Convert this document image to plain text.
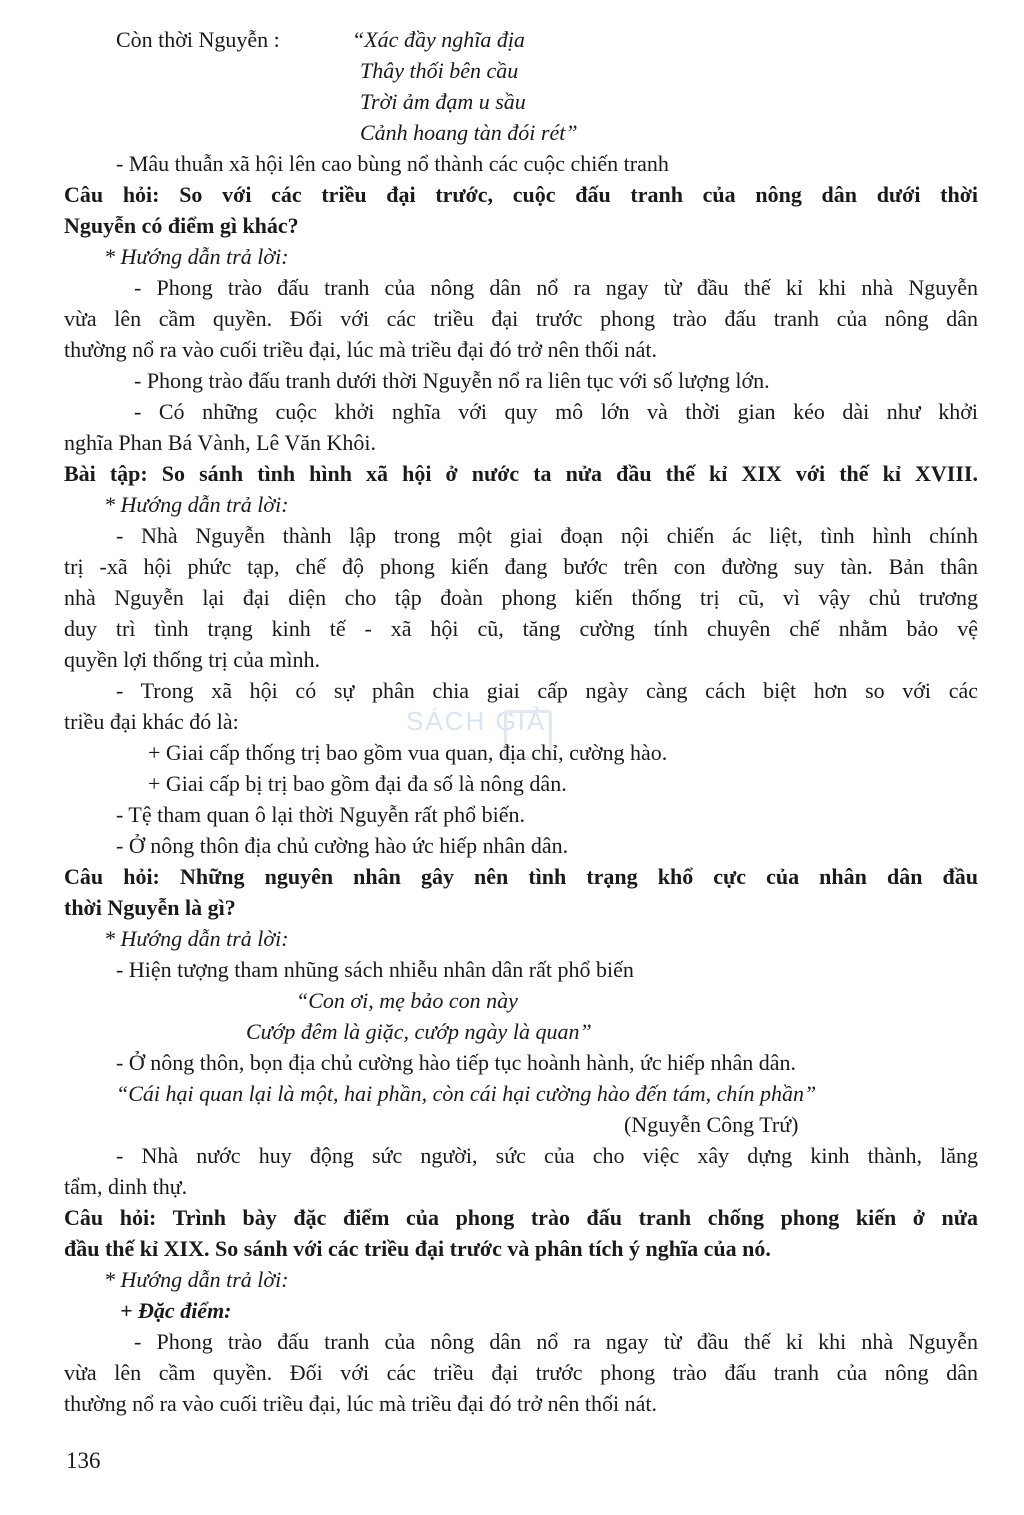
SÁCH GIẢI
Còn thời Nguyễn :	“Xác đầy nghĩa địa
Thây thối bên cầu
Trời ảm đạm u sầu
Cảnh hoang tàn đói rét”
- Mâu thuẫn xã hội lên cao bùng nổ thành các cuộc chiến tranh
Câu hỏi: So với các triều đại trước, cuộc đấu tranh của nông dân dưới thời
Nguyễn có điểm gì khác?
* Hướng dẫn trả lời:
- Phong trào đấu tranh của nông dân nổ ra ngay từ đầu thế kỉ khi nhà Nguyễn
vừa lên cầm quyền. Đối với các triều đại trước phong trào đấu tranh của nông dân
thường nổ ra vào cuối triều đại, lúc mà triều đại đó trở nên thối nát.
- Phong trào đấu tranh dưới thời Nguyễn nổ ra liên tục với số lượng lớn.
- Có những cuộc khởi nghĩa với quy mô lớn và thời gian kéo dài như khởi
nghĩa Phan Bá Vành, Lê Văn Khôi.
Bài tập: So sánh tình hình xã hội ở nước ta nửa đầu thế kỉ XIX với thế kỉ XVIII.
* Hướng dẫn trả lời:
- Nhà Nguyễn thành lập trong một giai đoạn nội chiến ác liệt, tình hình chính
trị -xã hội phức tạp, chế độ phong kiến đang bước trên con đường suy tàn. Bản thân
nhà Nguyễn lại đại diện cho tập đoàn phong kiến thống trị cũ, vì vậy chủ trương
duy trì tình trạng kinh tế - xã hội cũ, tăng cường tính chuyên chế nhằm bảo vệ
quyền lợi thống trị của mình.
- Trong xã hội có sự phân chia giai cấp ngày càng cách biệt hơn so với các
triều đại khác đó là:
+ Giai cấp thống trị bao gồm vua quan, địa chỉ, cường hào.
+ Giai cấp bị trị bao gồm đại đa số là nông dân.
- Tệ tham quan ô lại thời Nguyễn rất phổ biến.
- Ở nông thôn địa chủ cường hào ức hiếp nhân dân.
Câu hỏi: Những nguyên nhân gây nên tình trạng khổ cực của nhân dân đầu
thời Nguyễn là gì?
* Hướng dẫn trả lời:
- Hiện tượng tham nhũng sách nhiễu nhân dân rất phổ biến
“Con ơi, mẹ bảo con này
Cướp đêm là giặc, cướp ngày là quan”
- Ở nông thôn, bọn địa chủ cường hào tiếp tục hoành hành, ức hiếp nhân dân.
“Cái hại quan lại là một, hai phần, còn cái hại cường hào đến tám, chín phần”
(Nguyễn Công Trứ)
- Nhà nước huy động sức người, sức của cho việc xây dựng kinh thành, lăng
tẩm, dinh thự.
Câu hỏi: Trình bày đặc điểm của phong trào đấu tranh chống phong kiến ở nửa
đầu thế kỉ XIX. So sánh với các triều đại trước và phân tích ý nghĩa của nó.
* Hướng dẫn trả lời:
+ Đặc điểm:
- Phong trào đấu tranh của nông dân nổ ra ngay từ đầu thế kỉ khi nhà Nguyễn
vừa lên cầm quyền. Đối với các triều đại trước phong trào đấu tranh của nông dân
thường nổ ra vào cuối triều đại, lúc mà triều đại đó trở nên thối nát.
136
